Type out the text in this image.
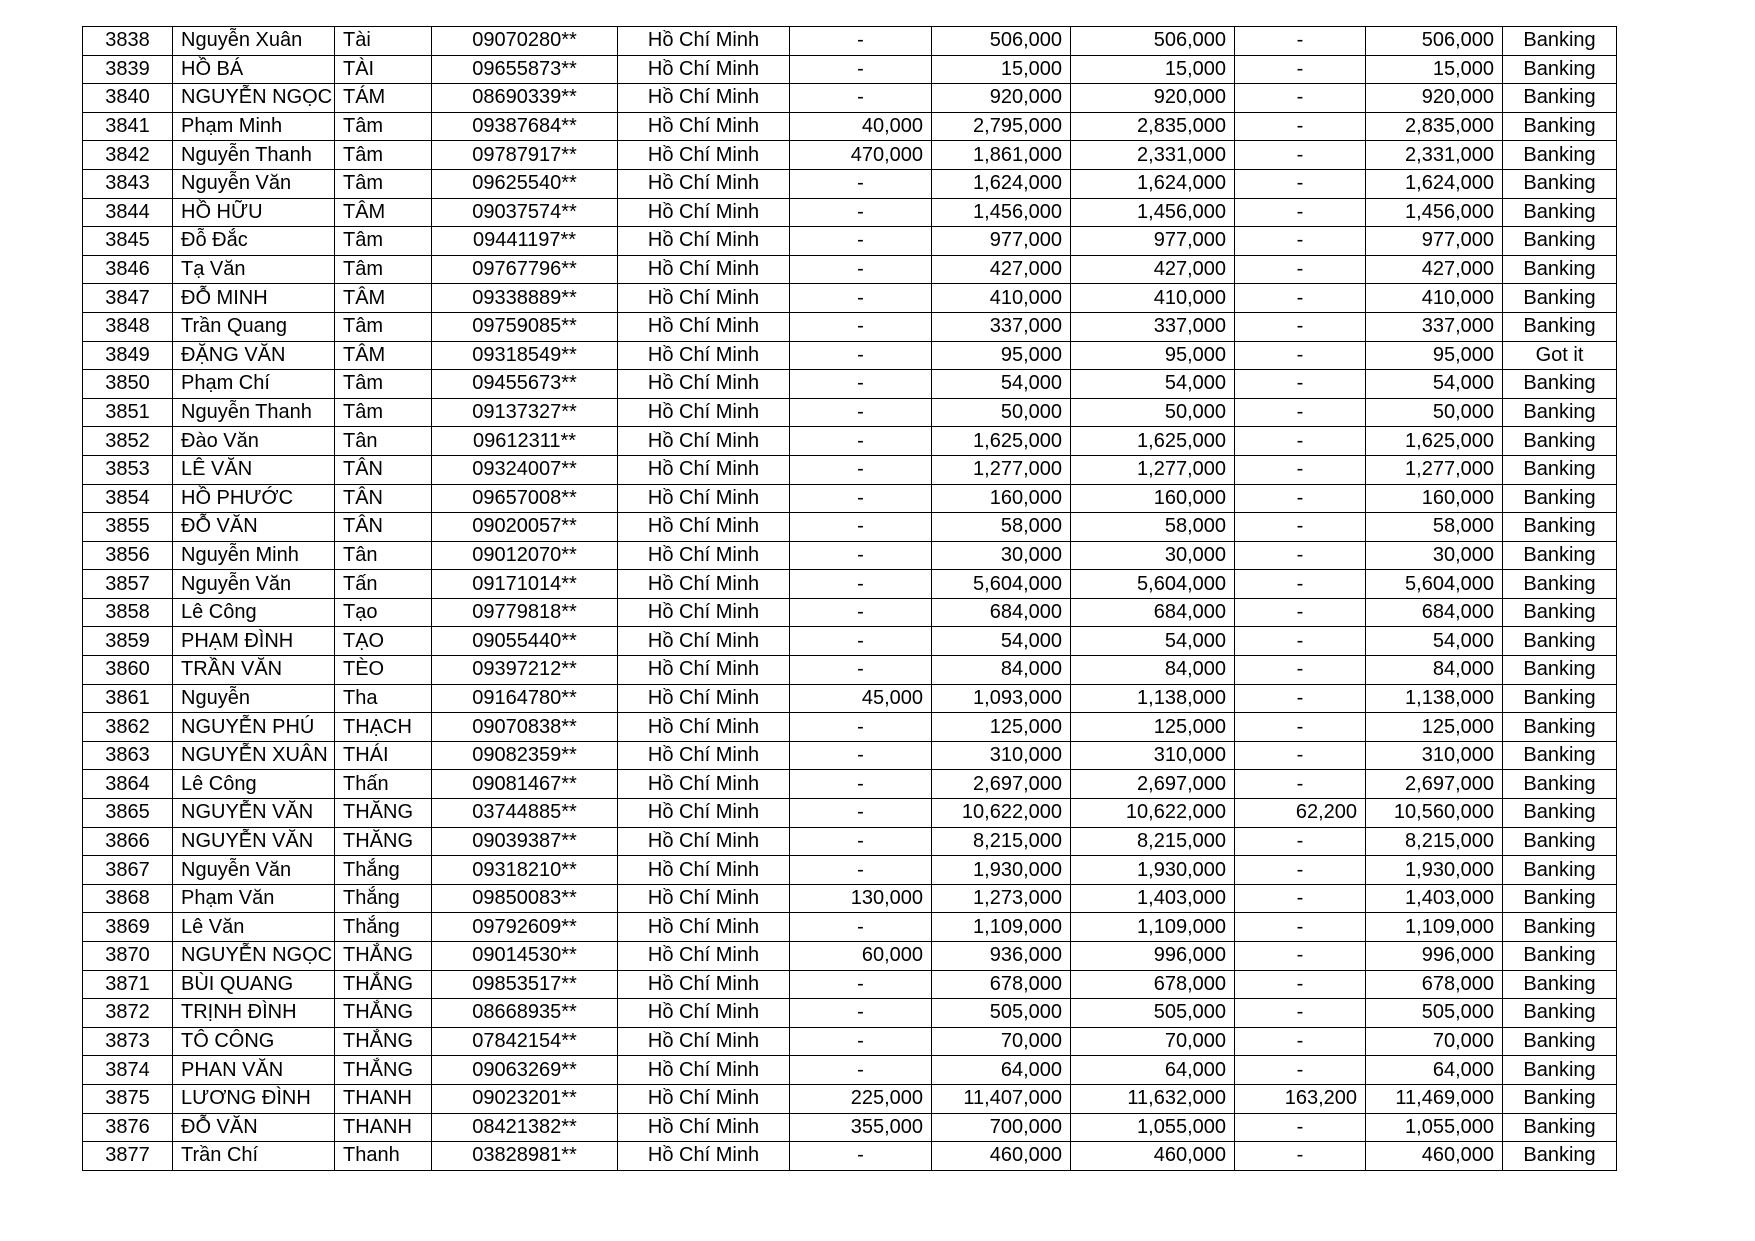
3838	Nguyễn Xuân	Tài	09070280**	Hồ Chí Minh	-	506,000	506,000	-	506,000	Banking
3839	HỒ BÁ	TÀI	09655873**	Hồ Chí Minh	-	15,000	15,000	-	15,000	Banking
3840	NGUYỄN NGỌC	TÁM	08690339**	Hồ Chí Minh	-	920,000	920,000	-	920,000	Banking
3841	Phạm Minh	Tâm	09387684**	Hồ Chí Minh	40,000	2,795,000	2,835,000	-	2,835,000	Banking
3842	Nguyễn Thanh	Tâm	09787917**	Hồ Chí Minh	470,000	1,861,000	2,331,000	-	2,331,000	Banking
3843	Nguyễn Văn	Tâm	09625540**	Hồ Chí Minh	-	1,624,000	1,624,000	-	1,624,000	Banking
3844	HỒ HỮU	TÂM	09037574**	Hồ Chí Minh	-	1,456,000	1,456,000	-	1,456,000	Banking
3845	Đỗ Đắc	Tâm	09441197**	Hồ Chí Minh	-	977,000	977,000	-	977,000	Banking
3846	Tạ Văn	Tâm	09767796**	Hồ Chí Minh	-	427,000	427,000	-	427,000	Banking
3847	ĐỖ MINH	TÂM	09338889**	Hồ Chí Minh	-	410,000	410,000	-	410,000	Banking
3848	Trần Quang	Tâm	09759085**	Hồ Chí Minh	-	337,000	337,000	-	337,000	Banking
3849	ĐẶNG VĂN	TÂM	09318549**	Hồ Chí Minh	-	95,000	95,000	-	95,000	Got it
3850	Phạm Chí	Tâm	09455673**	Hồ Chí Minh	-	54,000	54,000	-	54,000	Banking
3851	Nguyễn Thanh	Tâm	09137327**	Hồ Chí Minh	-	50,000	50,000	-	50,000	Banking
3852	Đào Văn	Tân	09612311**	Hồ Chí Minh	-	1,625,000	1,625,000	-	1,625,000	Banking
3853	LÊ VĂN	TÂN	09324007**	Hồ Chí Minh	-	1,277,000	1,277,000	-	1,277,000	Banking
3854	HỒ PHƯỚC	TÂN	09657008**	Hồ Chí Minh	-	160,000	160,000	-	160,000	Banking
3855	ĐỖ VĂN	TÂN	09020057**	Hồ Chí Minh	-	58,000	58,000	-	58,000	Banking
3856	Nguyễn Minh	Tân	09012070**	Hồ Chí Minh	-	30,000	30,000	-	30,000	Banking
3857	Nguyễn Văn	Tấn	09171014**	Hồ Chí Minh	-	5,604,000	5,604,000	-	5,604,000	Banking
3858	Lê Công	Tạo	09779818**	Hồ Chí Minh	-	684,000	684,000	-	684,000	Banking
3859	PHẠM ĐÌNH	TẠO	09055440**	Hồ Chí Minh	-	54,000	54,000	-	54,000	Banking
3860	TRẦN VĂN	TÈO	09397212**	Hồ Chí Minh	-	84,000	84,000	-	84,000	Banking
3861	Nguyễn	Tha	09164780**	Hồ Chí Minh	45,000	1,093,000	1,138,000	-	1,138,000	Banking
3862	NGUYỄN PHÚ	THẠCH	09070838**	Hồ Chí Minh	-	125,000	125,000	-	125,000	Banking
3863	NGUYỄN XUÂN	THÁI	09082359**	Hồ Chí Minh	-	310,000	310,000	-	310,000	Banking
3864	Lê Công	Thấn	09081467**	Hồ Chí Minh	-	2,697,000	2,697,000	-	2,697,000	Banking
3865	NGUYỄN VĂN	THĂNG	03744885**	Hồ Chí Minh	-	10,622,000	10,622,000	62,200	10,560,000	Banking
3866	NGUYỄN VĂN	THĂNG	09039387**	Hồ Chí Minh	-	8,215,000	8,215,000	-	8,215,000	Banking
3867	Nguyễn Văn	Thắng	09318210**	Hồ Chí Minh	-	1,930,000	1,930,000	-	1,930,000	Banking
3868	Phạm Văn	Thắng	09850083**	Hồ Chí Minh	130,000	1,273,000	1,403,000	-	1,403,000	Banking
3869	Lê Văn	Thắng	09792609**	Hồ Chí Minh	-	1,109,000	1,109,000	-	1,109,000	Banking
3870	NGUYỄN NGỌC	THẮNG	09014530**	Hồ Chí Minh	60,000	936,000	996,000	-	996,000	Banking
3871	BÙI QUANG	THẮNG	09853517**	Hồ Chí Minh	-	678,000	678,000	-	678,000	Banking
3872	TRỊNH ĐÌNH	THẮNG	08668935**	Hồ Chí Minh	-	505,000	505,000	-	505,000	Banking
3873	TÔ CÔNG	THẮNG	07842154**	Hồ Chí Minh	-	70,000	70,000	-	70,000	Banking
3874	PHAN VĂN	THẮNG	09063269**	Hồ Chí Minh	-	64,000	64,000	-	64,000	Banking
3875	LƯƠNG ĐÌNH	THANH	09023201**	Hồ Chí Minh	225,000	11,407,000	11,632,000	163,200	11,469,000	Banking
3876	ĐỖ VĂN	THANH	08421382**	Hồ Chí Minh	355,000	700,000	1,055,000	-	1,055,000	Banking
3877	Trần Chí	Thanh	03828981**	Hồ Chí Minh	-	460,000	460,000	-	460,000	Banking
